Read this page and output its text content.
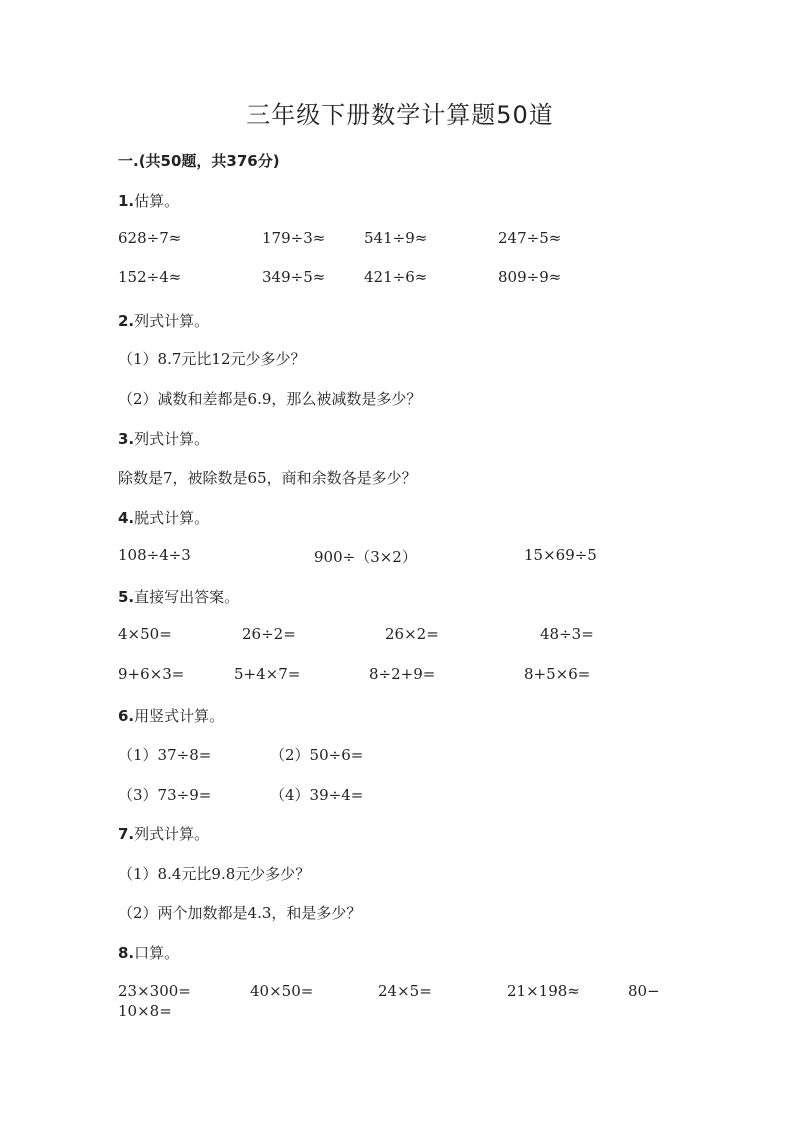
三年级下册数学计算题50道
一.(共50题，共376分)
1.估算。
628÷7≈	179÷3≈	541÷9≈	247÷5≈
152÷4≈	349÷5≈	421÷6≈	809÷9≈
2.列式计算。
（1）8.7元比12元少多少？
（2）减数和差都是6.9，那么被减数是多少？
3.列式计算。
除数是7，被除数是65，商和余数各是多少？
4.脱式计算。
108÷4÷3	900÷（3×2）	15×69÷5
5.直接写出答案。
4×50=	26÷2=	26×2=	48÷3=
9+6×3=	5+4×7=	8÷2+9=	8+5×6=
6.用竖式计算。
（1）37÷8=	（2）50÷6=
（3）73÷9=	（4）39÷4=
7.列式计算。
（1）8.4元比9.8元少多少？
（2）两个加数都是4.3，和是多少？
8.口算。
23×300=	40×50=	24×5=	21×198≈	80−
10×8=
